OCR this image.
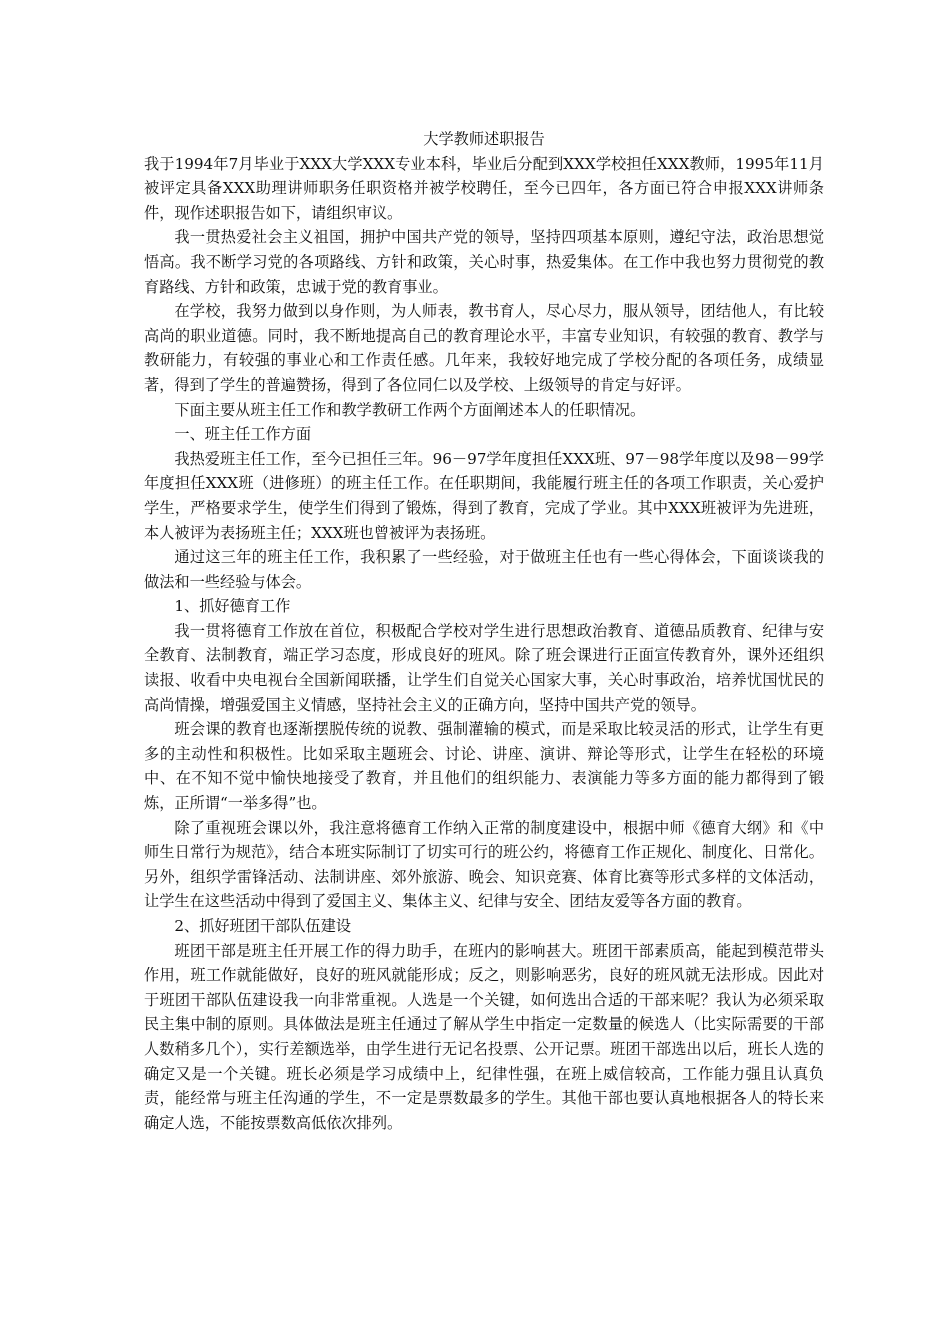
大学教师述职报告

我于1994年7月毕业于XXX大学XXX专业本科，毕业后分配到XXX学校担任XXX教师，1995年11月被评定具备XXX助理讲师职务任职资格并被学校聘任，至今已四年，各方面已符合申报XXX讲师条件，现作述职报告如下，请组织审议。

我一贯热爱社会主义祖国，拥护中国共产党的领导，坚持四项基本原则，遵纪守法，政治思想觉悟高。我不断学习党的各项路线、方针和政策，关心时事，热爱集体。在工作中我也努力贯彻党的教育路线、方针和政策，忠诚于党的教育事业。

在学校，我努力做到以身作则，为人师表，教书育人，尽心尽力，服从领导，团结他人，有比较高尚的职业道德。同时，我不断地提高自己的教育理论水平，丰富专业知识，有较强的教育、教学与教研能力，有较强的事业心和工作责任感。几年来，我较好地完成了学校分配的各项任务，成绩显著，得到了学生的普遍赞扬，得到了各位同仁以及学校、上级领导的肯定与好评。

下面主要从班主任工作和教学教研工作两个方面阐述本人的任职情况。

一、班主任工作方面

我热爱班主任工作，至今已担任三年。96－97学年度担任XXX班、97－98学年度以及98－99学年度担任XXX班（进修班）的班主任工作。在任职期间，我能履行班主任的各项工作职责，关心爱护学生，严格要求学生，使学生们得到了锻炼，得到了教育，完成了学业。其中XXX班被评为先进班，本人被评为表扬班主任；XXX班也曾被评为表扬班。

通过这三年的班主任工作，我积累了一些经验，对于做班主任也有一些心得体会，下面谈谈我的做法和一些经验与体会。

1、抓好德育工作

我一贯将德育工作放在首位，积极配合学校对学生进行思想政治教育、道德品质教育、纪律与安全教育、法制教育，端正学习态度，形成良好的班风。除了班会课进行正面宣传教育外，课外还组织读报、收看中央电视台全国新闻联播，让学生们自觉关心国家大事，关心时事政治，培养忧国忧民的高尚情操，增强爱国主义情感，坚持社会主义的正确方向，坚持中国共产党的领导。

班会课的教育也逐渐摆脱传统的说教、强制灌输的模式，而是采取比较灵活的形式，让学生有更多的主动性和积极性。比如采取主题班会、讨论、讲座、演讲、辩论等形式，让学生在轻松的环境中、在不知不觉中愉快地接受了教育，并且他们的组织能力、表演能力等多方面的能力都得到了锻炼，正所谓“一举多得”也。

除了重视班会课以外，我注意将德育工作纳入正常的制度建设中，根据中师《德育大纲》和《中师生日常行为规范》，结合本班实际制订了切实可行的班公约，将德育工作正规化、制度化、日常化。另外，组织学雷锋活动、法制讲座、郊外旅游、晚会、知识竞赛、体育比赛等形式多样的文体活动，让学生在这些活动中得到了爱国主义、集体主义、纪律与安全、团结友爱等各方面的教育。

2、抓好班团干部队伍建设

班团干部是班主任开展工作的得力助手，在班内的影响甚大。班团干部素质高，能起到模范带头作用，班工作就能做好，良好的班风就能形成；反之，则影响恶劣，良好的班风就无法形成。因此对于班团干部队伍建设我一向非常重视。人选是一个关键，如何选出合适的干部来呢？我认为必须采取民主集中制的原则。具体做法是班主任通过了解从学生中指定一定数量的候选人（比实际需要的干部人数稍多几个），实行差额选举，由学生进行无记名投票、公开记票。班团干部选出以后，班长人选的确定又是一个关键。班长必须是学习成绩中上，纪律性强，在班上威信较高，工作能力强且认真负责，能经常与班主任沟通的学生，不一定是票数最多的学生。其他干部也要认真地根据各人的特长来确定人选，不能按票数高低依次排列。
